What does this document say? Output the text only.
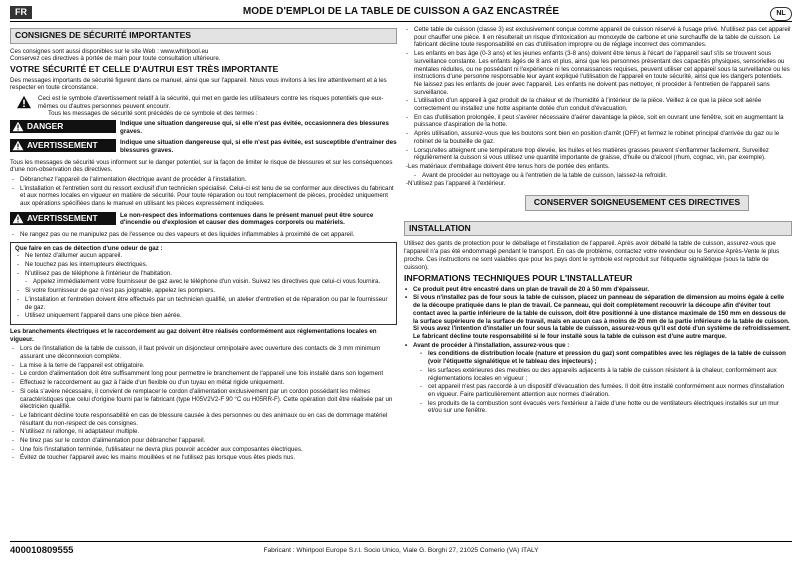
FR	MODE D'EMPLOI DE LA TABLE DE CUISSON A GAZ ENCASTRÉE	NL
CONSIGNES DE SÉCURITÉ IMPORTANTES

Ces consignes sont aussi disponibles sur le site Web : www.whirlpool.eu

Conservez ces directives à portée de main pour toute consultation ultérieure.

VOTRE SÉCURITÉ ET CELLE D'AUTRUI EST TRÈS IMPORTANTE

Des messages importants de sécurité figurent dans ce manuel, ainsi que sur l'appareil. Nous vous invitons à les lire attentivement et à les respecter en toute circonstance.

Ceci est le symbole d'avertissement relatif à la sécurité, qui met en garde les utilisateurs contre les risques potentiels que eux-mêmes ou d'autres personnes peuvent encourir.

Tous les messages de sécurité sont précédés de ce symbole et des termes :

DANGER	Indique une situation dangereuse qui, si elle n'est pas évitée, occasionnera des blessures graves.
AVERTISSEMENT	Indique une situation dangereuse qui, si elle n'est pas évitée, est susceptible d'entraîner des blessures graves.

Tous les messages de sécurité vous informent sur le danger potentiel, sur la façon de limiter le risque de blessures et sur les conséquences d'une non-observation des directives.

- Débranchez l'appareil de l'alimentation électrique avant de procéder à l'installation.
- L'installation et l'entretien sont du ressort exclusif d'un technicien spécialisé. Celui-ci est tenu de se conformer aux directives du fabricant et aux normes locales en vigueur en matière de sécurité. Pour toute réparation ou tout remplacement de pièces, procédez uniquement aux opérations spécifiées dans le manuel en utilisant les pièces expressément indiquées.
AVERTISSEMENT	Le non-respect des informations contenues dans le présent manuel peut être source d'incendie ou d'explosion et causer des dommages corporels ou matériels.
- Ne rangez pas ou ne manipulez pas de l'essence ou des vapeurs et des liquides inflammables à proximité de cet appareil.
Que faire en cas de détection d'une odeur de gaz :
- Ne tentez d'allumer aucun appareil.
- Ne touchez pas les interrupteurs électriques.
- N'utilisez pas de téléphone à l'intérieur de l'habitation.
- Appelez immédiatement votre fournisseur de gaz avec le téléphone d'un voisin. Suivez les directives que celui-ci vous fournira.
- Si votre fournisseur de gaz n'est pas joignable, appelez les pompiers.
- L'installation et l'entretien doivent être effectués par un technicien qualifié, un atelier d'entretien et de réparation ou par le fournisseur de gaz.
- Utilisez uniquement l'appareil dans une pièce bien aérée.
Les branchements électriques et le raccordement au gaz doivent être réalisés conformément aux réglementations locales en vigueur.
- Lors de l'installation de la table de cuisson, il faut prévoir un disjoncteur omnipolaire avec ouverture des contacts de 3 mm minimum assurant une déconnexion complète.
- La mise à la terre de l'appareil est obligatoire.
- Le cordon d'alimentation doit être suffisamment long pour permettre le branchement de l'appareil une fois installé dans son logement
- Effectuez le raccordement au gaz à l'aide d'un flexible ou d'un tuyau en métal rigide uniquement.
- Si cela s'avère nécessaire, il convient de remplacer le cordon d'alimentation exclusivement par un cordon possédant les mêmes caractéristiques que celui d'origine fourni par le fabricant (type H05V2V2-F 90 °C ou H05RR-F). Cette opération doit être réalisée par un électricien qualifié.
- Le fabricant décline toute responsabilité en cas de blessure causée à des personnes ou des animaux ou en cas de dommage matériel résultant du non-respect de ces consignes.
- N'utilisez ni rallonge, ni adaptateur multiple.
- Ne tirez pas sur le cordon d'alimentation pour débrancher l'appareil.
- Une fois l'installation terminée, l'utilisateur ne devra plus pouvoir accéder aux composantes électriques.
- Évitez de toucher l'appareil avec les mains mouillées et ne l'utilisez pas lorsque vous êtes pieds nus.
- Cette table de cuisson (classe 3) est exclusivement conçue comme appareil de cuisson réservé à l'usage privé. N'utilisez pas cet appareil pour chauffer une pièce. Il en résulterait un risque d'intoxication au monoxyde de carbone et une surchauffe de la table de cuisson. Le fabricant décline toute responsabilité en cas d'utilisation impropre ou de réglage incorrect des commandes.
- Les enfants en bas âge (0-3 ans) et les jeunes enfants (3-8 ans) doivent être tenus à l'écart de l'appareil sauf s'ils se trouvent sous surveillance constante. Les enfants âgés de 8 ans et plus, ainsi que les personnes présentant des capacités physiques, sensorielles ou mentales réduites, ou ne possédant ni l'expérience ni les connaissances requises, peuvent utiliser cet appareil sous la surveillance ou les instructions d'une personne responsable leur ayant expliqué l'utilisation de l'appareil en toute sécurité, ainsi que les dangers potentiels. Ne laissez pas les enfants de jouer avec l'appareil. Les enfants ne doivent pas nettoyer, ni procéder à l'entretien de l'appareil sans surveillance.
- L'utilisation d'un appareil à gaz produit de la chaleur et de l'humidité à l'intérieur de la pièce. Veillez à ce que la pièce soit aérée correctement ou installez une hotte aspirante dotée d'un conduit d'évacuation.
- En cas d'utilisation prolongée, il peut s'avérer nécessaire d'aérer davantage la pièce, soit en ouvrant une fenêtre, soit en augmentant la puissance d'aspiration de la hotte.
- Après utilisation, assurez-vous que les boutons sont bien en position d'arrêt (OFF) et fermez le robinet principal d'arrivée du gaz ou le robinet de la bouteille de gaz.
- Lorsqu'elles atteignent une température trop élevée, les huiles et les matières grasses peuvent s'enflammer facilement. Surveillez régulièrement la cuisson si vous utilisez une quantité importante de graisse, d'huile ou d'alcool (rhum, cognac, vin, par exemple).
- Les matériaux d'emballage doivent être tenus hors de portée des enfants.
- Avant de procéder au nettoyage ou à l'entretien de la table de cuisson, laissez-la refroidir.
- N'utilisez pas l'appareil à l'extérieur.
CONSERVER SOIGNEUSEMENT CES DIRECTIVES
INSTALLATION

Utilisez des gants de protection pour le déballage et l'installation de l'appareil. Après avoir déballé la table de cuisson, assurez-vous que l'appareil n'a pas été endommagé pendant le transport. En cas de problème, contactez votre revendeur ou le Service Après-Vente le plus proche. Ces instructions ne sont valables que pour les pays dont le symbole est reproduit sur l'étiquette signalétique (sous la table de cuisson).

INFORMATIONS TECHNIQUES POUR L'INSTALLATEUR
• Ce produit peut être encastré dans un plan de travail de 20 à 50 mm d'épaisseur.
• Si vous n'installez pas de four sous la table de cuisson, placez un panneau de séparation de dimension au moins égale à celle de la découpe pratiquée dans le plan de travail. Ce panneau, qui doit complètement recouvrir la découpe afin d'éviter tout contact avec la partie inférieure de la table de cuisson, doit être positionné à une distance maximale de 150 mm en dessous de la surface supérieure de la surface de travail, mais en aucun cas à moins de 20 mm de la partie inférieure de la table de cuisson. Si vous avez l'intention d'installer un four sous la table de cuisson, assurez-vous qu'il est doté d'un système de refroidissement. Le fabricant décline toute responsabilité si le four installé sous la table de cuisson est d'une autre marque.
• Avant de procéder à l'installation, assurez-vous que :
- les conditions de distribution locale (nature et pression du gaz) sont compatibles avec les réglages de la table de cuisson (voir l'étiquette signalétique et le tableau des injecteurs) ;
- les surfaces extérieures des meubles ou des appareils adjacents à la table de cuisson résistent à la chaleur, conformément aux réglementations locales en vigueur ;
- cet appareil n'est pas raccordé à un dispositif d'évacuation des fumées. Il doit être installé conformément aux normes d'installation en vigueur. Faire particulièrement attention aux normes d'aération.
- les produits de la combustion sont évacués vers l'extérieur à l'aide d'une hotte ou de ventilateurs électriques installés sur un mur et/ou sur une fenêtre.
400010809555	Fabricant : Whirlpool Europe S.r.l. Socio Unico, Viale G. Borghi 27, 21025 Comerio (VA) ITALY
